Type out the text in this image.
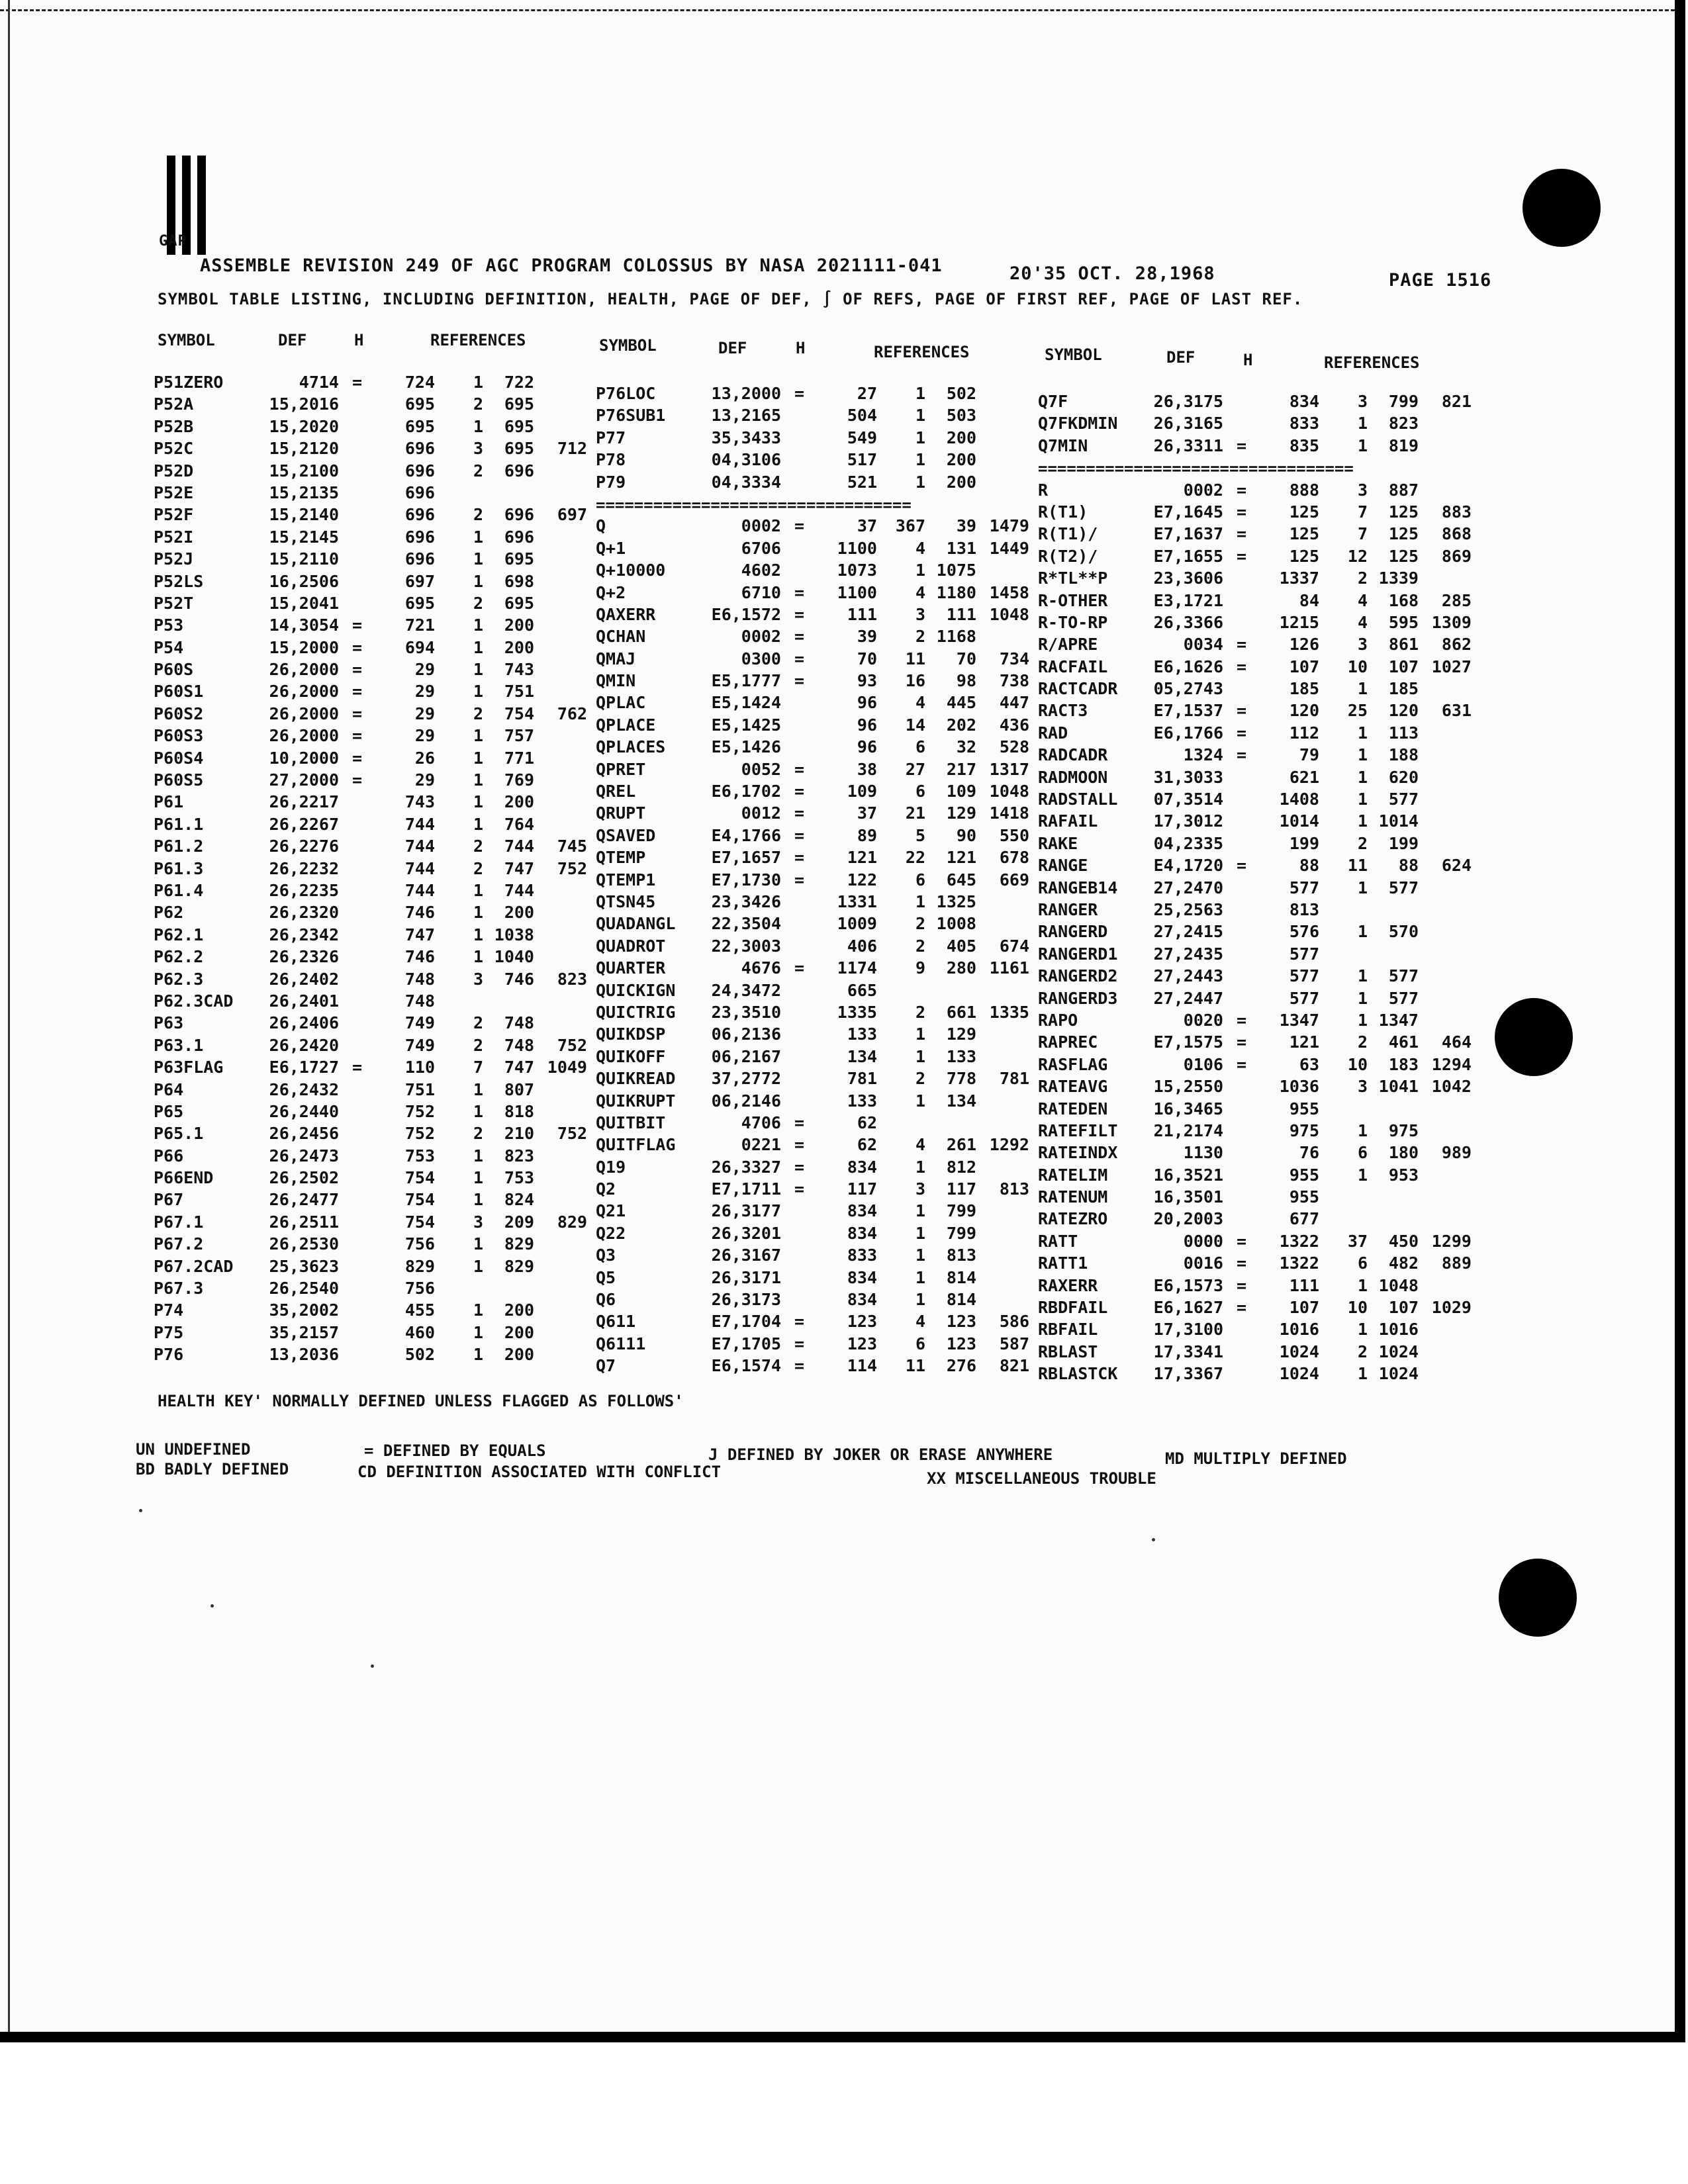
GAP
ASSEMBLE REVISION 249 OF AGC PROGRAM COLOSSUS BY NASA 2021111-041	20'35 OCT. 28,1968	PAGE 1516
SYMBOL TABLE LISTING, INCLUDING DEFINITION, HEALTH, PAGE OF DEF, ∫ OF REFS, PAGE OF FIRST REF, PAGE OF LAST REF.
SYMBOL	DEF	H	REFERENCES	SYMBOL	DEF	H	REFERENCES	SYMBOL	DEF	H	REFERENCES
P51ZERO	4714 =	724	1	722
P52A	15,2016	695	2	695
P52B	15,2020	695	1	695
P52C	15,2120	696	3	695	712
P52D	15,2100	696	2	696
P52E	15,2135	696
P52F	15,2140	696	2	696	697
P52I	15,2145	696	1	696
P52J	15,2110	696	1	695
P52LS	16,2506	697	1	698
P52T	15,2041	695	2	695
P53	14,3054 =	721	1	200
P54	15,2000 =	694	1	200
P60S	26,2000 =	29	1	743
P60S1	26,2000 =	29	1	751
P60S2	26,2000 =	29	2	754	762
P60S3	26,2000 =	29	1	757
P60S4	10,2000 =	26	1	771
P60S5	27,2000 =	29	1	769
P61	26,2217	743	1	200
P61.1	26,2267	744	1	764
P61.2	26,2276	744	2	744	745
P61.3	26,2232	744	2	747	752
P61.4	26,2235	744	1	744
P62	26,2320	746	1	200
P62.1	26,2342	747	1 1038
P62.2	26,2326	746	1 1040
P62.3	26,2402	748	3	746	823
P62.3CAD	26,2401	748
P63	26,2406	749	2	748
P63.1	26,2420	749	2	748	752
P63FLAG	E6,1727 =	110	7	747 1049
P64	26,2432	751	1	807
P65	26,2440	752	1	818
P65.1	26,2456	752	2	210	752
P66	26,2473	753	1	823
P66END	26,2502	754	1	753
P67	26,2477	754	1	824
P67.1	26,2511	754	3	209	829
P67.2	26,2530	756	1	829
P67.2CAD	25,3623	829	1	829
P67.3	26,2540	756
P74	35,2002	455	1	200
P75	35,2157	460	1	200
P76	13,2036	502	1	200
P76LOC	13,2000 =	27	1	502
P76SUB1	13,2165	504	1	503
P77	35,3433	549	1	200
P78	04,3106	517	1	200
P79	04,3334	521	1	200
=================================
Q	0002 =	37	367	39 1479
Q+1	6706	1100	4	131 1449
Q+10000	4602	1073	1 1075
Q+2	6710 =	1100	4 1180 1458
QAXERR	E6,1572 =	111	3	111 1048
QCHAN	0002 =	39	2 1168
QMAJ	0300 =	70	11	70	734
QMIN	E5,1777 =	93	16	98	738
QPLAC	E5,1424	96	4	445	447
QPLACE	E5,1425	96	14	202	436
QPLACES	E5,1426	96	6	32	528
QPRET	0052 =	38	27	217 1317
QREL	E6,1702 =	109	6	109 1048
QRUPT	0012 =	37	21	129 1418
QSAVED	E4,1766 =	89	5	90	550
QTEMP	E7,1657 =	121	22	121	678
QTEMP1	E7,1730 =	122	6	645	669
QTSN45	23,3426	1331	1 1325
QUADANGL	22,3504	1009	2 1008
QUADROT	22,3003	406	2	405	674
QUARTER	4676 =	1174	9	280 1161
QUICKIGN	24,3472	665
QUICTRIG	23,3510	1335	2	661 1335
QUIKDSP	06,2136	133	1	129
QUIKOFF	06,2167	134	1	133
QUIKREAD	37,2772	781	2	778	781
QUIKRUPT	06,2146	133	1	134
QUITBIT	4706 =	62
QUITFLAG	0221 =	62	4	261 1292
Q19	26,3327 =	834	1	812
Q2	E7,1711 =	117	3	117	813
Q21	26,3177	834	1	799
Q22	26,3201	834	1	799
Q3	26,3167	833	1	813
Q5	26,3171	834	1	814
Q6	26,3173	834	1	814
Q611	E7,1704 =	123	4	123	586
Q6111	E7,1705 =	123	6	123	587
Q7	E6,1574 =	114	11	276	821
Q7F	26,3175	834	3	799	821
Q7FKDMIN	26,3165	833	1	823
Q7MIN	26,3311 =	835	1	819
=================================
R	0002 =	888	3	887
R(T1)	E7,1645 =	125	7	125	883
R(T1)/	E7,1637 =	125	7	125	868
R(T2)/	E7,1655 =	125	12	125	869
R*TL**P	23,3606	1337	2 1339
R-OTHER	E3,1721	84	4	168	285
R-TO-RP	26,3366	1215	4	595 1309
R/APRE	0034 =	126	3	861	862
RACFAIL	E6,1626 =	107	10	107 1027
RACTCADR	05,2743	185	1	185
RACT3	E7,1537 =	120	25	120	631
RAD	E6,1766 =	112	1	113
RADCADR	1324 =	79	1	188
RADMOON	31,3033	621	1	620
RADSTALL	07,3514	1408	1	577
RAFAIL	17,3012	1014	1 1014
RAKE	04,2335	199	2	199
RANGE	E4,1720 =	88	11	88	624
RANGEB14	27,2470	577	1	577
RANGER	25,2563	813
RANGERD	27,2415	576	1	570
RANGERD1	27,2435	577
RANGERD2	27,2443	577	1	577
RANGERD3	27,2447	577	1	577
RAPO	0020 =	1347	1 1347
RAPREC	E7,1575 =	121	2	461	464
RASFLAG	0106 =	63	10	183 1294
RATEAVG	15,2550	1036	3 1041 1042
RATEDEN	16,3465	955
RATEFILT	21,2174	975	1	975
RATEINDX	1130	76	6	180	989
RATELIM	16,3521	955	1	953
RATENUM	16,3501	955
RATEZRO	20,2003	677
RATT	0000 =	1322	37	450 1299
RATT1	0016 =	1322	6	482	889
RAXERR	E6,1573 =	111	1 1048
RBDFAIL	E6,1627 =	107	10	107 1029
RBFAIL	17,3100	1016	1 1016
RBLAST	17,3341	1024	2 1024
RBLASTCK	17,3367	1024	1 1024
HEALTH KEY' NORMALLY DEFINED UNLESS FLAGGED AS FOLLOWS'
UN UNDEFINED	= DEFINED BY EQUALS	J DEFINED BY JOKER OR ERASE ANYWHERE	MD MULTIPLY DEFINED
BD BADLY DEFINED	CD DEFINITION ASSOCIATED WITH CONFLICT	XX MISCELLANEOUS TROUBLE
